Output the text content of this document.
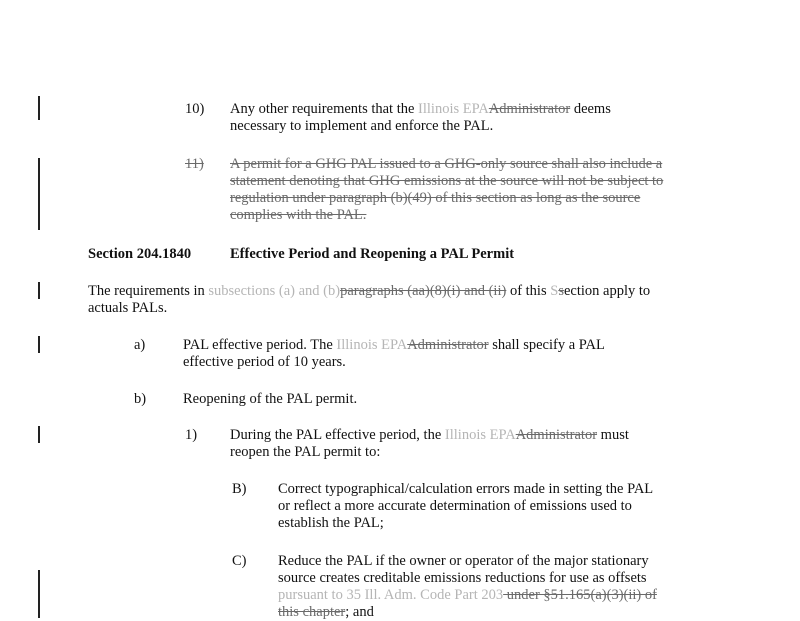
10) Any other requirements that the Illinois EPAAdministrator deems
necessary to implement and enforce the PAL.
11) A permit for a GHG PAL issued to a GHG-only source shall also include a
statement denoting that GHG emissions at the source will not be subject to
regulation under paragraph (b)(49) of this section as long as the source
complies with the PAL.
Section 204.1840	Effective Period and Reopening a PAL Permit
The requirements in subsections (a) and (b)paragraphs (aa)(8)(i) and (ii) of this Ssection apply to
actuals PALs.
a)	PAL effective period. The Illinois EPAAdministrator shall specify a PAL
effective period of 10 years.
b)	Reopening of the PAL permit.
1) During the PAL effective period, the Illinois EPAAdministrator must
reopen the PAL permit to:
B) Correct typographical/calculation errors made in setting the PAL
or reflect a more accurate determination of emissions used to
establish the PAL;
C) Reduce the PAL if the owner or operator of the major stationary
source creates creditable emissions reductions for use as offsets
pursuant to 35 Ill. Adm. Code Part 203 under §51.165(a)(3)(ii) of
this chapter; and
